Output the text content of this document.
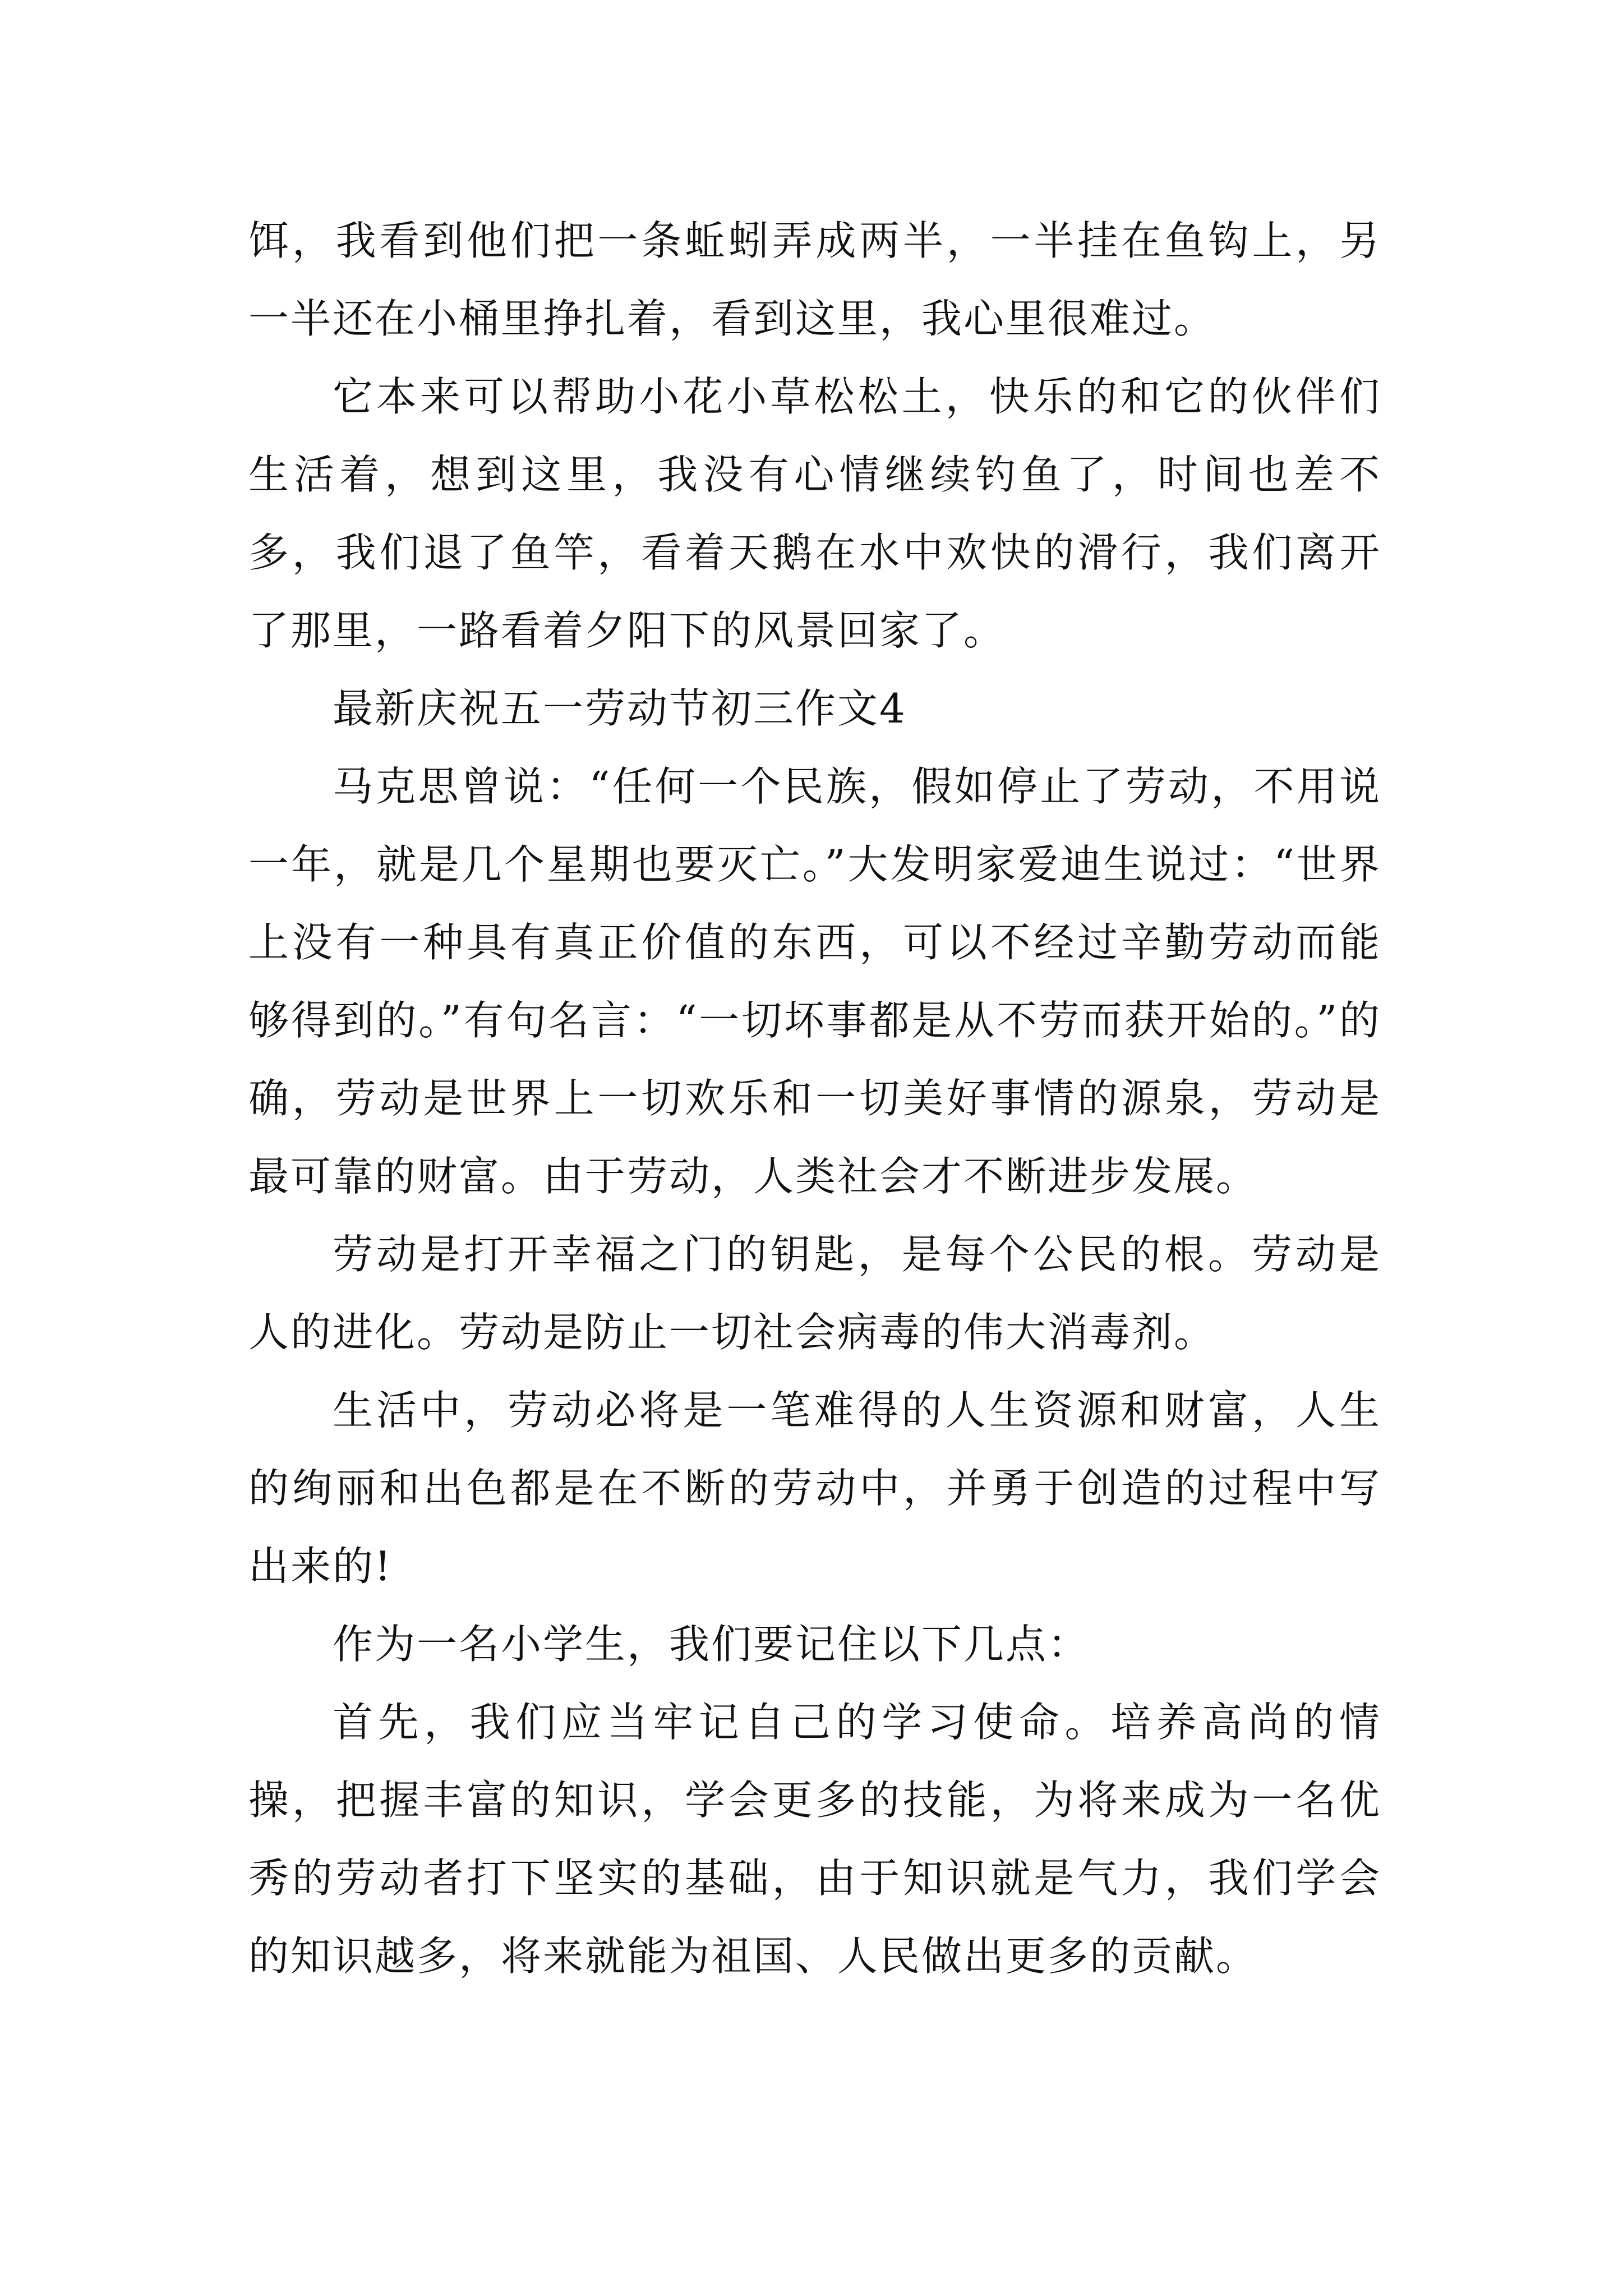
饵，我看到他们把一条蚯蚓弄成两半，一半挂在鱼钩上，另一半还在小桶里挣扎着，看到这里，我心里很难过。

它本来可以帮助小花小草松松土，快乐的和它的伙伴们生活着，想到这里，我没有心情继续钓鱼了，时间也差不多，我们退了鱼竿，看着天鹅在水中欢快的滑行，我们离开了那里，一路看着夕阳下的风景回家了。

最新庆祝五一劳动节初三作文4

马克思曾说：“任何一个民族，假如停止了劳动，不用说一年，就是几个星期也要灭亡。”大发明家爱迪生说过：“世界上没有一种具有真正价值的东西，可以不经过辛勤劳动而能够得到的。”有句名言：“一切坏事都是从不劳而获开始的。”的确，劳动是世界上一切欢乐和一切美好事情的源泉，劳动是最可靠的财富。由于劳动，人类社会才不断进步发展。

劳动是打开幸福之门的钥匙，是每个公民的根。劳动是人的进化。劳动是防止一切社会病毒的伟大消毒剂。

生活中，劳动必将是一笔难得的人生资源和财富，人生的绚丽和出色都是在不断的劳动中，并勇于创造的过程中写出来的!

作为一名小学生，我们要记住以下几点：

首先，我们应当牢记自己的学习使命。培养高尚的情操，把握丰富的知识，学会更多的技能，为将来成为一名优秀的劳动者打下坚实的基础，由于知识就是气力，我们学会的知识越多，将来就能为祖国、人民做出更多的贡献。
